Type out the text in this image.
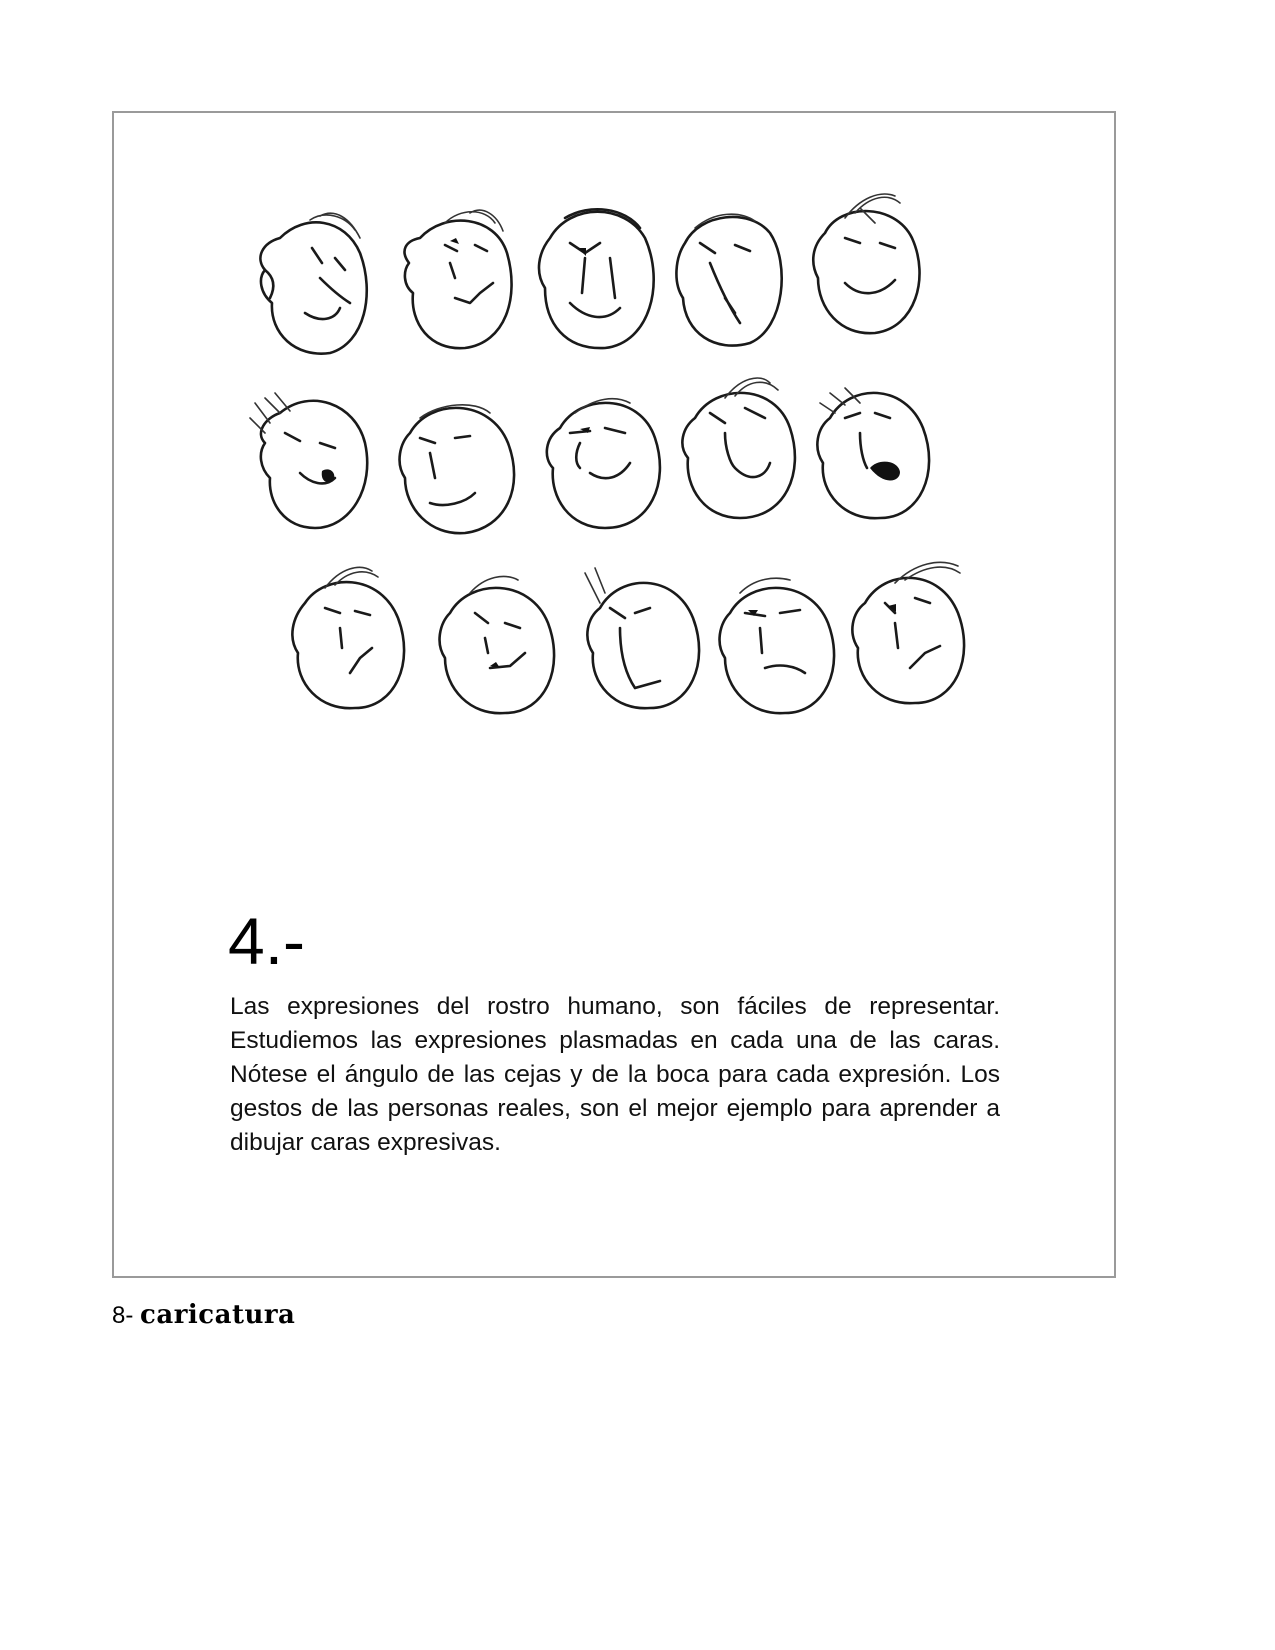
4.-

Las expresiones del rostro humano, son fáciles de representar. Estudiemos las expresiones plasmadas en cada una de las caras. Nótese el ángulo de las cejas y de la boca para cada expresión. Los gestos de las personas reales, son el mejor ejemplo para aprender a dibujar caras expresivas.

8- caricatura
